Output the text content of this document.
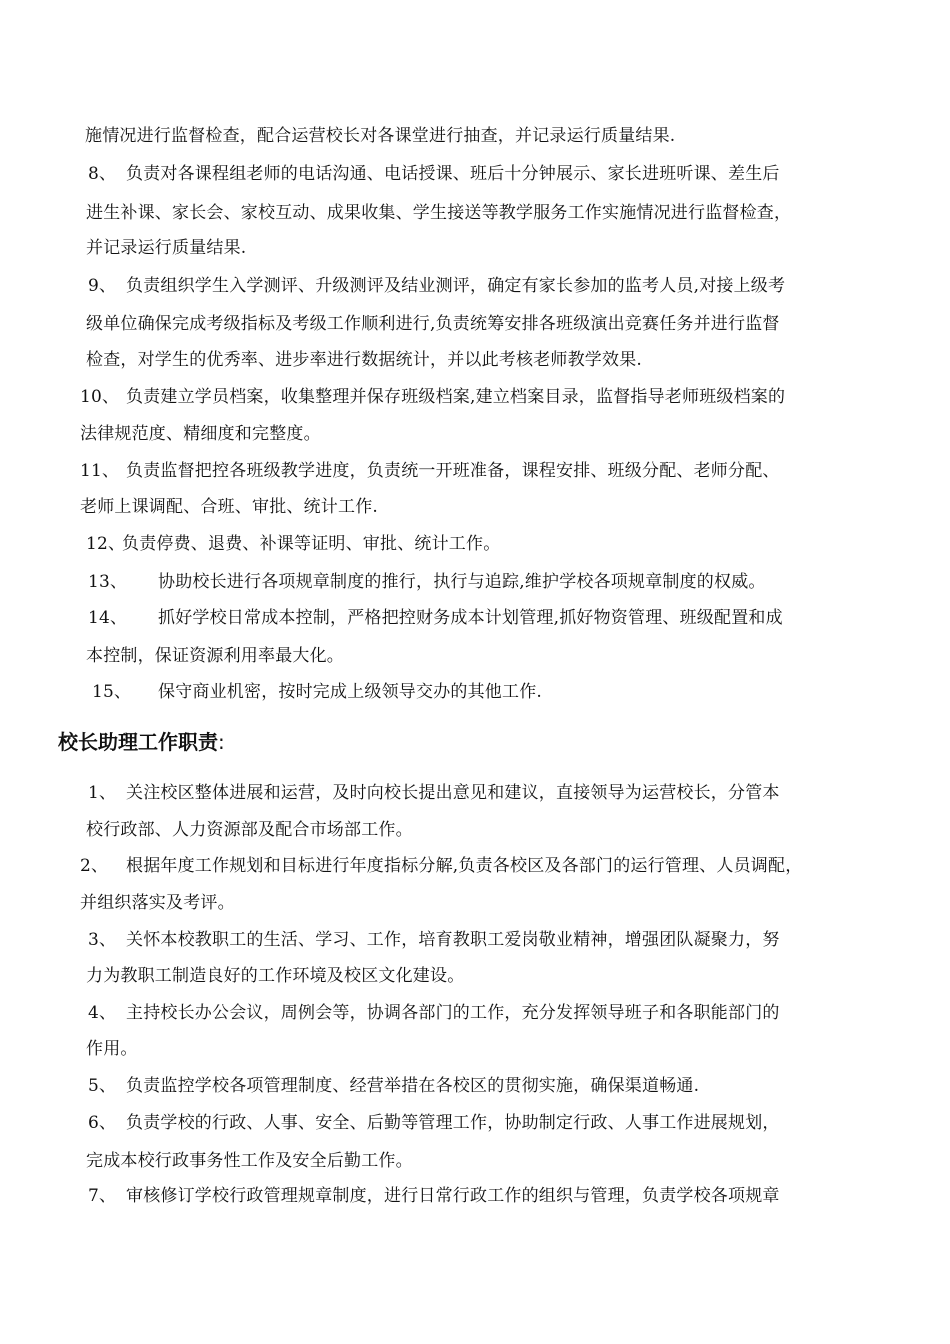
施情况进行监督检查，配合运营校长对各课堂进行抽查，并记录运行质量结果.
8、 负责对各课程组老师的电话沟通、电话授课、班后十分钟展示、家长进班听课、差生后
进生补课、家长会、家校互动、成果收集、学生接送等教学服务工作实施情况进行监督检查，
并记录运行质量结果.
9、 负责组织学生入学测评、升级测评及结业测评，确定有家长参加的监考人员,对接上级考
级单位确保完成考级指标及考级工作顺利进行,负责统筹安排各班级演出竞赛任务并进行监督
检查，对学生的优秀率、进步率进行数据统计，并以此考核老师教学效果.
10、 负责建立学员档案，收集整理并保存班级档案,建立档案目录，监督指导老师班级档案的
法律规范度、精细度和完整度。
11、 负责监督把控各班级教学进度，负责统一开班准备，课程安排、班级分配、老师分配、
老师上课调配、合班、审批、统计工作.
12、
负责停费、退费、补课等证明、审批、统计工作。
13、 协助校长进行各项规章制度的推行，执行与追踪,维护学校各项规章制度的权威。
14、 抓好学校日常成本控制，严格把控财务成本计划管理,抓好物资管理、班级配置和成
本控制，保证资源利用率最大化。
15、 保守商业机密，按时完成上级领导交办的其他工作.
校长助理工作职责:
1、 关注校区整体进展和运营，及时向校长提出意见和建议，直接领导为运营校长，分管本
校行政部、人力资源部及配合市场部工作。
2、 根据年度工作规划和目标进行年度指标分解,负责各校区及各部门的运行管理、人员调配，
并组织落实及考评。
3、 关怀本校教职工的生活、学习、工作，培育教职工爱岗敬业精神，增强团队凝聚力，努
力为教职工制造良好的工作环境及校区文化建设。
4、 主持校长办公会议，周例会等，协调各部门的工作，充分发挥领导班子和各职能部门的
作用。
5、 负责监控学校各项管理制度、经营举措在各校区的贯彻实施，确保渠道畅通.
6、 负责学校的行政、人事、安全、后勤等管理工作，协助制定行政、人事工作进展规划，
完成本校行政事务性工作及安全后勤工作。
7、 审核修订学校行政管理规章制度，进行日常行政工作的组织与管理，负责学校各项规章
